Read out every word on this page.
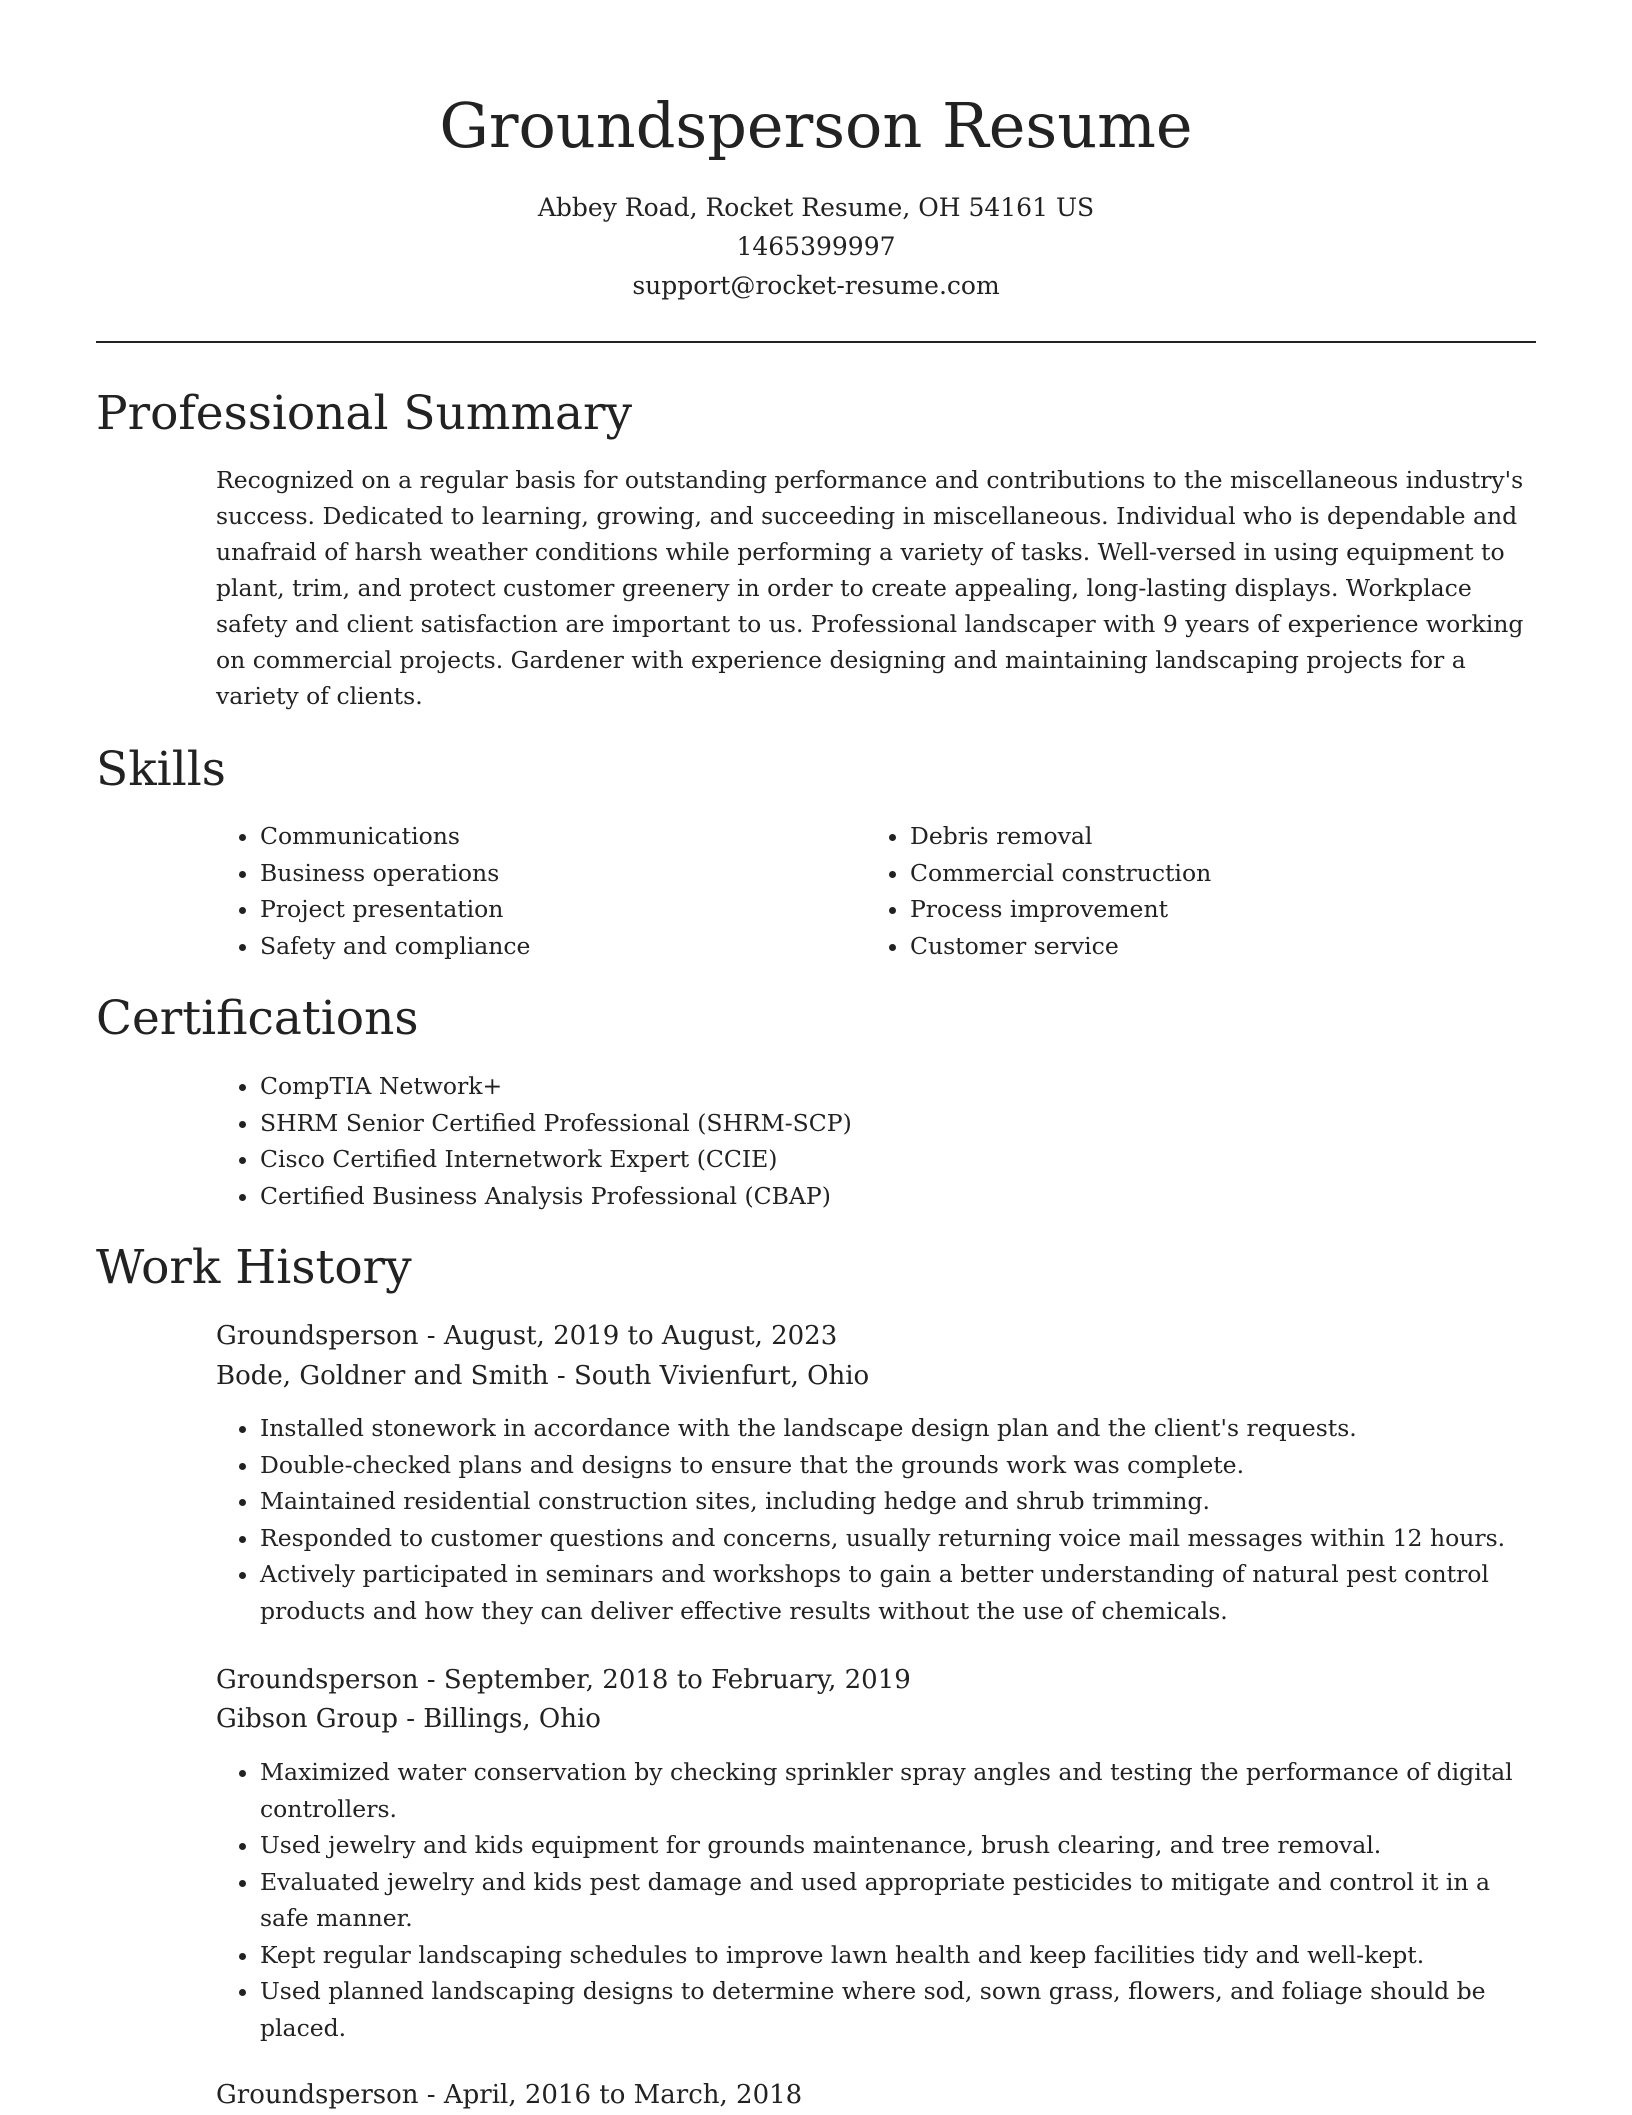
Groundsperson Resume
Abbey Road, Rocket Resume, OH 54161 US
1465399997
support@rocket-resume.com
Professional Summary

Recognized on a regular basis for outstanding performance and contributions to the miscellaneous industry's success. Dedicated to learning, growing, and succeeding in miscellaneous. Individual who is dependable and unafraid of harsh weather conditions while performing a variety of tasks. Well-versed in using equipment to plant, trim, and protect customer greenery in order to create appealing, long-lasting displays. Workplace safety and client satisfaction are important to us. Professional landscaper with 9 years of experience working on commercial projects. Gardener with experience designing and maintaining landscaping projects for a variety of clients.

Skills
• Communications
• Business operations
• Project presentation
• Safety and compliance
• Debris removal
• Commercial construction
• Process improvement
• Customer service
Certifications
• CompTIA Network+
• SHRM Senior Certified Professional (SHRM-SCP)
• Cisco Certified Internetwork Expert (CCIE)
• Certified Business Analysis Professional (CBAP)
Work History
Groundsperson - August, 2019 to August, 2023
Bode, Goldner and Smith - South Vivienfurt, Ohio
• Installed stonework in accordance with the landscape design plan and the client's requests.
• Double-checked plans and designs to ensure that the grounds work was complete.
• Maintained residential construction sites, including hedge and shrub trimming.
• Responded to customer questions and concerns, usually returning voice mail messages within 12 hours.
• Actively participated in seminars and workshops to gain a better understanding of natural pest control products and how they can deliver effective results without the use of chemicals.
Groundsperson - September, 2018 to February, 2019
Gibson Group - Billings, Ohio
• Maximized water conservation by checking sprinkler spray angles and testing the performance of digital controllers.
• Used jewelry and kids equipment for grounds maintenance, brush clearing, and tree removal.
• Evaluated jewelry and kids pest damage and used appropriate pesticides to mitigate and control it in a safe manner.
• Kept regular landscaping schedules to improve lawn health and keep facilities tidy and well-kept.
• Used planned landscaping designs to determine where sod, sown grass, flowers, and foliage should be placed.
Groundsperson - April, 2016 to March, 2018
